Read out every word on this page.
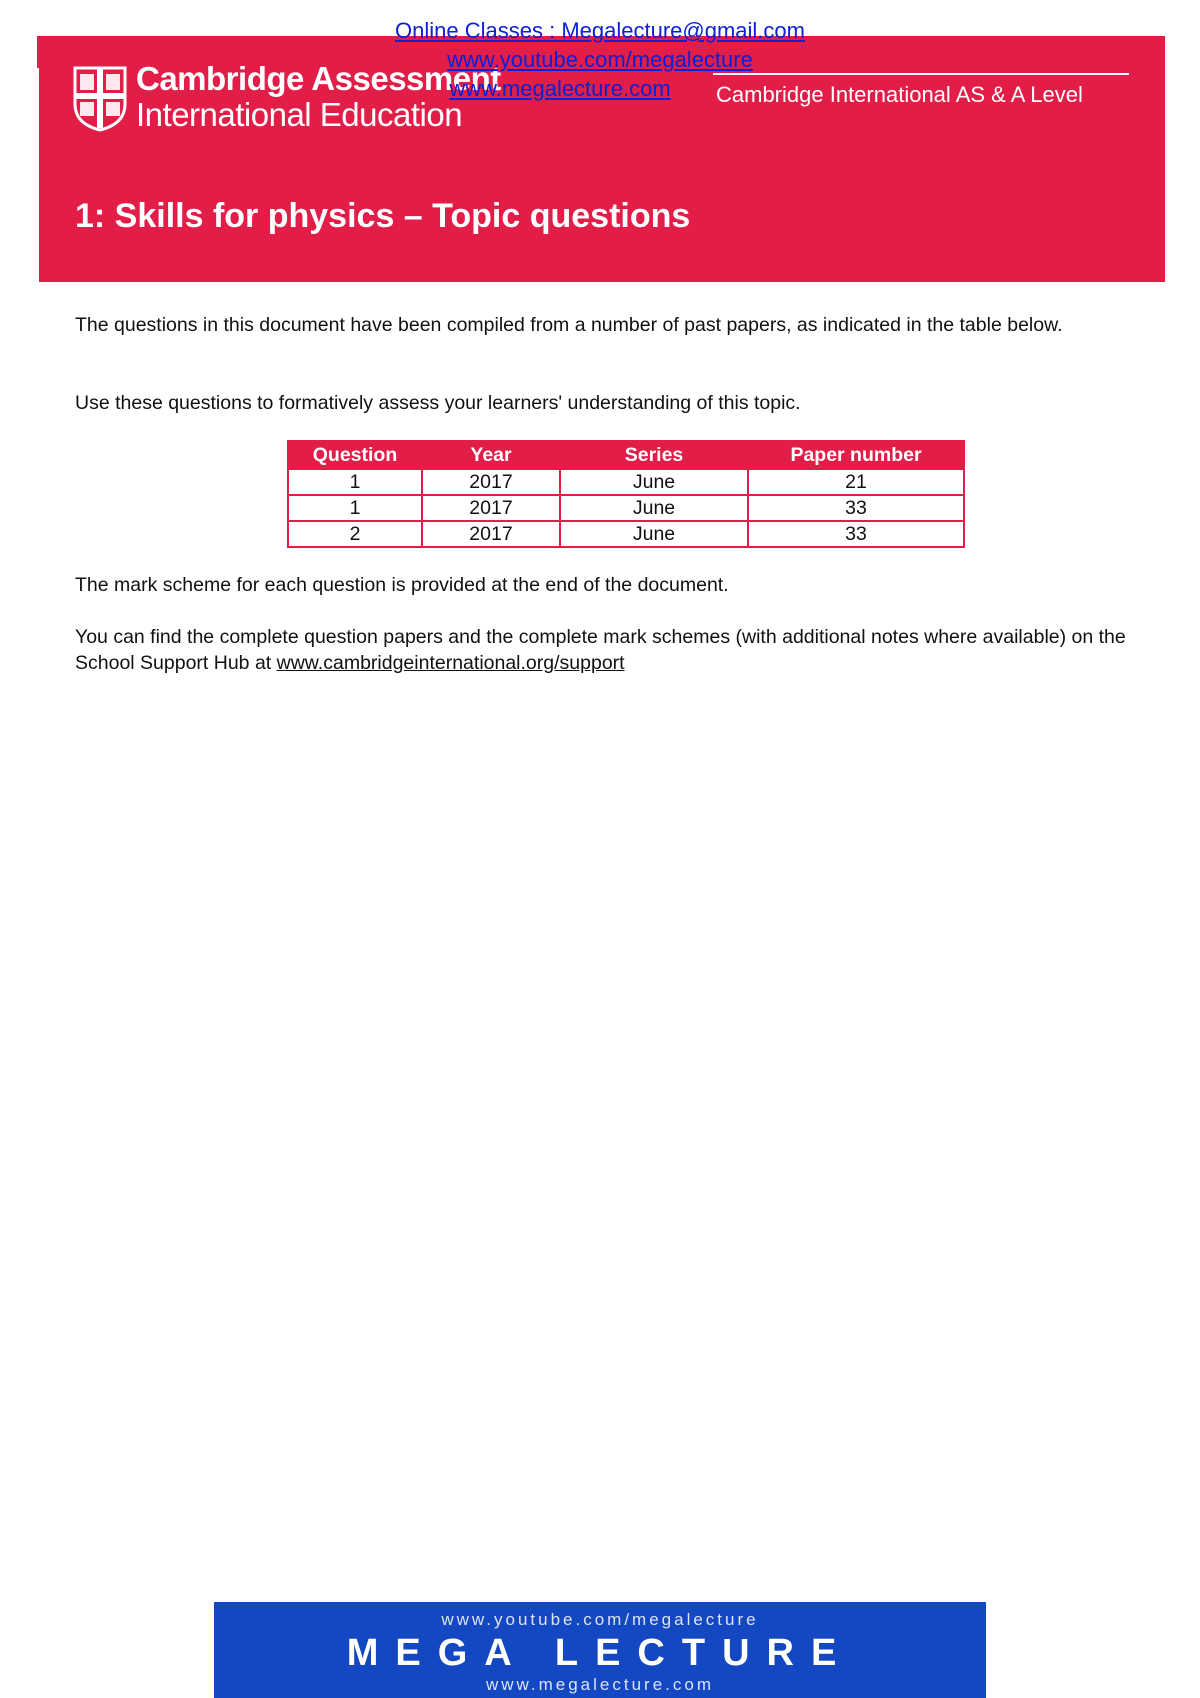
Cambridge Assessment
International Education
Cambridge International AS & A Level
1: Skills for physics – Topic questions
Online Classes : Megalecture@gmail.com
www.youtube.com/megalecture
www.megalecture.com

The questions in this document have been compiled from a number of past papers, as indicated in the table below.

Use these questions to formatively assess your learners' understanding of this topic.

Question	Year	Series	Paper number
1	2017	June	21
1	2017	June	33
2	2017	June	33

The mark scheme for each question is provided at the end of the document.

You can find the complete question papers and the complete mark schemes (with additional notes where available) on the School Support Hub at www.cambridgeinternational.org/support

www.youtube.com/megalecture
MEGA LECTURE
www.megalecture.com
